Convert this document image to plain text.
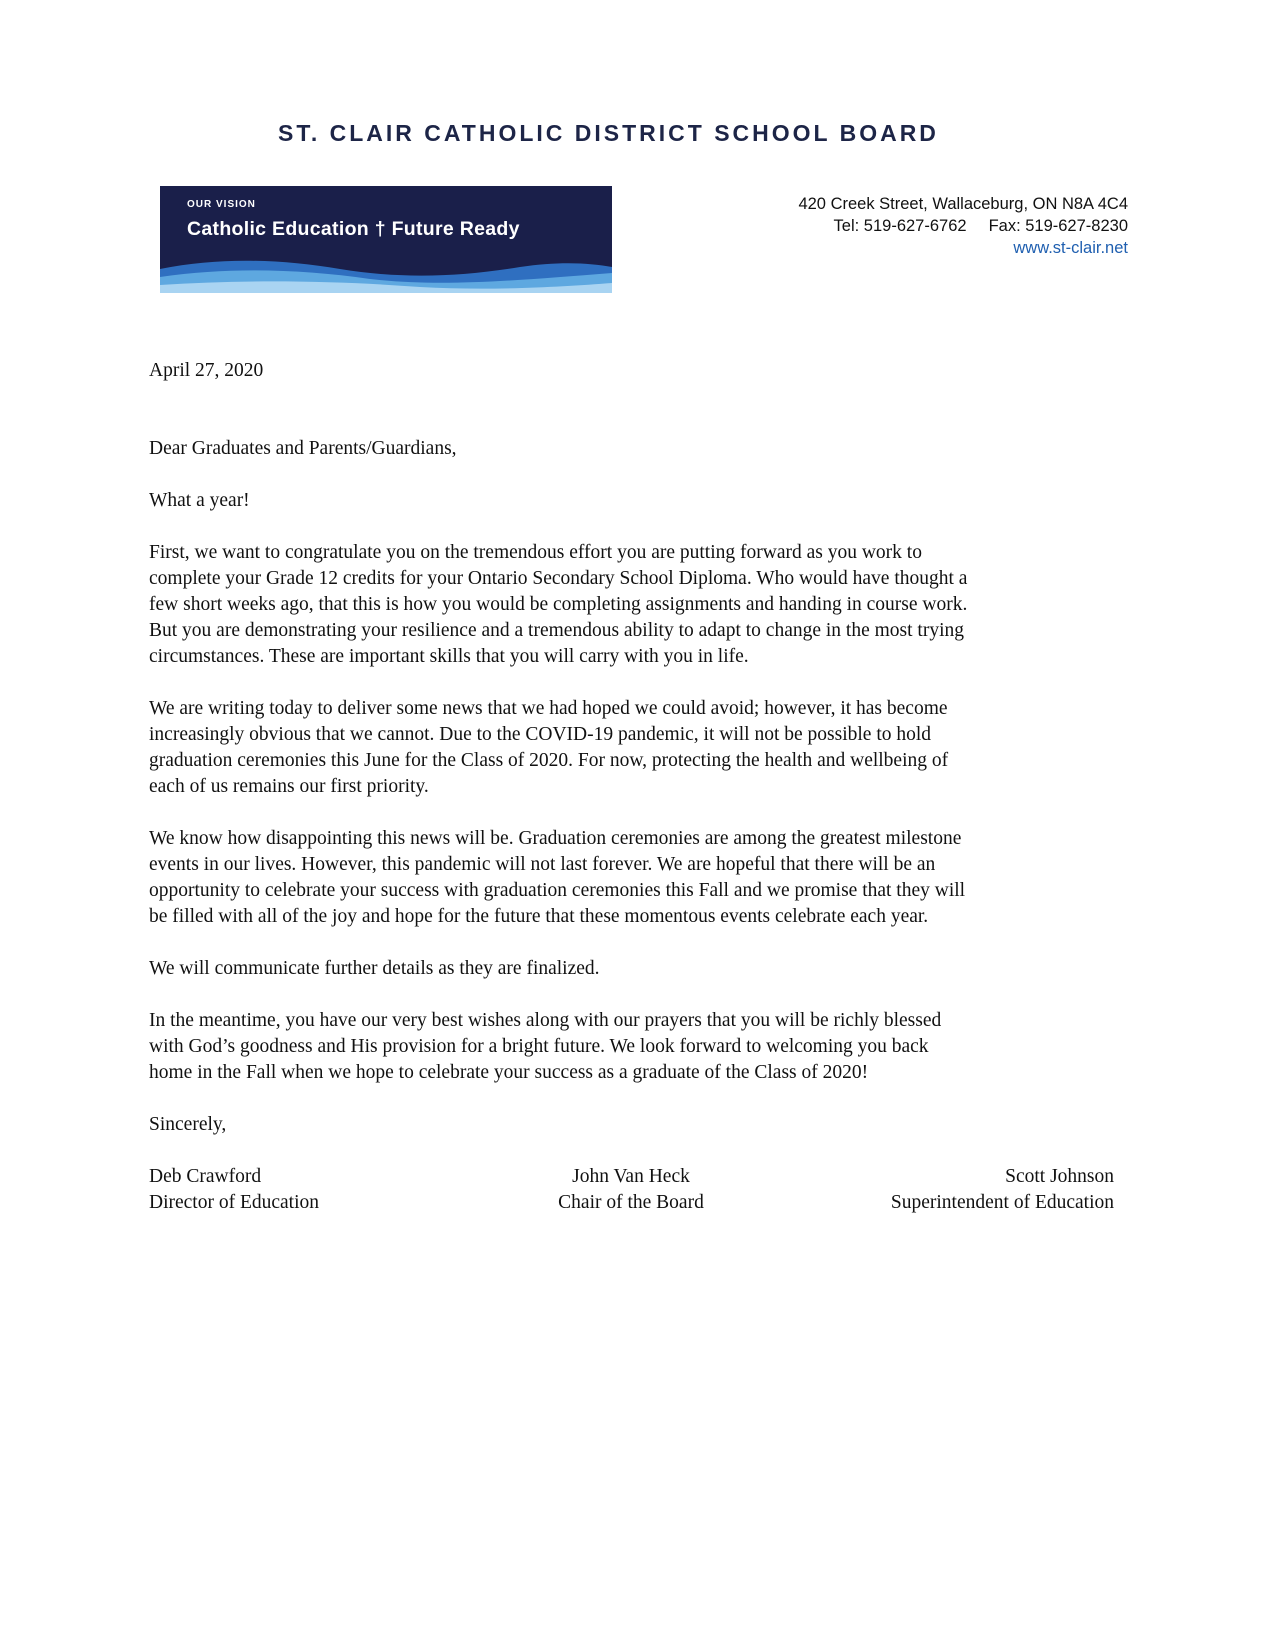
ST. CLAIR CATHOLIC DISTRICT SCHOOL BOARD
OUR VISION
Catholic Education † Future Ready
420 Creek Street, Wallaceburg, ON N8A 4C4
Tel: 519-627-6762 Fax: 519-627-8230
www.st-clair.net
April 27, 2020
Dear Graduates and Parents/Guardians,

What a year!

First, we want to congratulate you on the tremendous effort you are putting forward as you work to
complete your Grade 12 credits for your Ontario Secondary School Diploma. Who would have thought a
few short weeks ago, that this is how you would be completing assignments and handing in course work.
But you are demonstrating your resilience and a tremendous ability to adapt to change in the most trying
circumstances. These are important skills that you will carry with you in life.

We are writing today to deliver some news that we had hoped we could avoid; however, it has become
increasingly obvious that we cannot. Due to the COVID-19 pandemic, it will not be possible to hold
graduation ceremonies this June for the Class of 2020. For now, protecting the health and wellbeing of
each of us remains our first priority.

We know how disappointing this news will be. Graduation ceremonies are among the greatest milestone
events in our lives. However, this pandemic will not last forever. We are hopeful that there will be an
opportunity to celebrate your success with graduation ceremonies this Fall and we promise that they will
be filled with all of the joy and hope for the future that these momentous events celebrate each year.

We will communicate further details as they are finalized.

In the meantime, you have our very best wishes along with our prayers that you will be richly blessed
with God’s goodness and His provision for a bright future. We look forward to welcoming you back
home in the Fall when we hope to celebrate your success as a graduate of the Class of 2020!

Sincerely,
Deb Crawford
Director of Education
John Van Heck
Chair of the Board
Scott Johnson
Superintendent of Education
